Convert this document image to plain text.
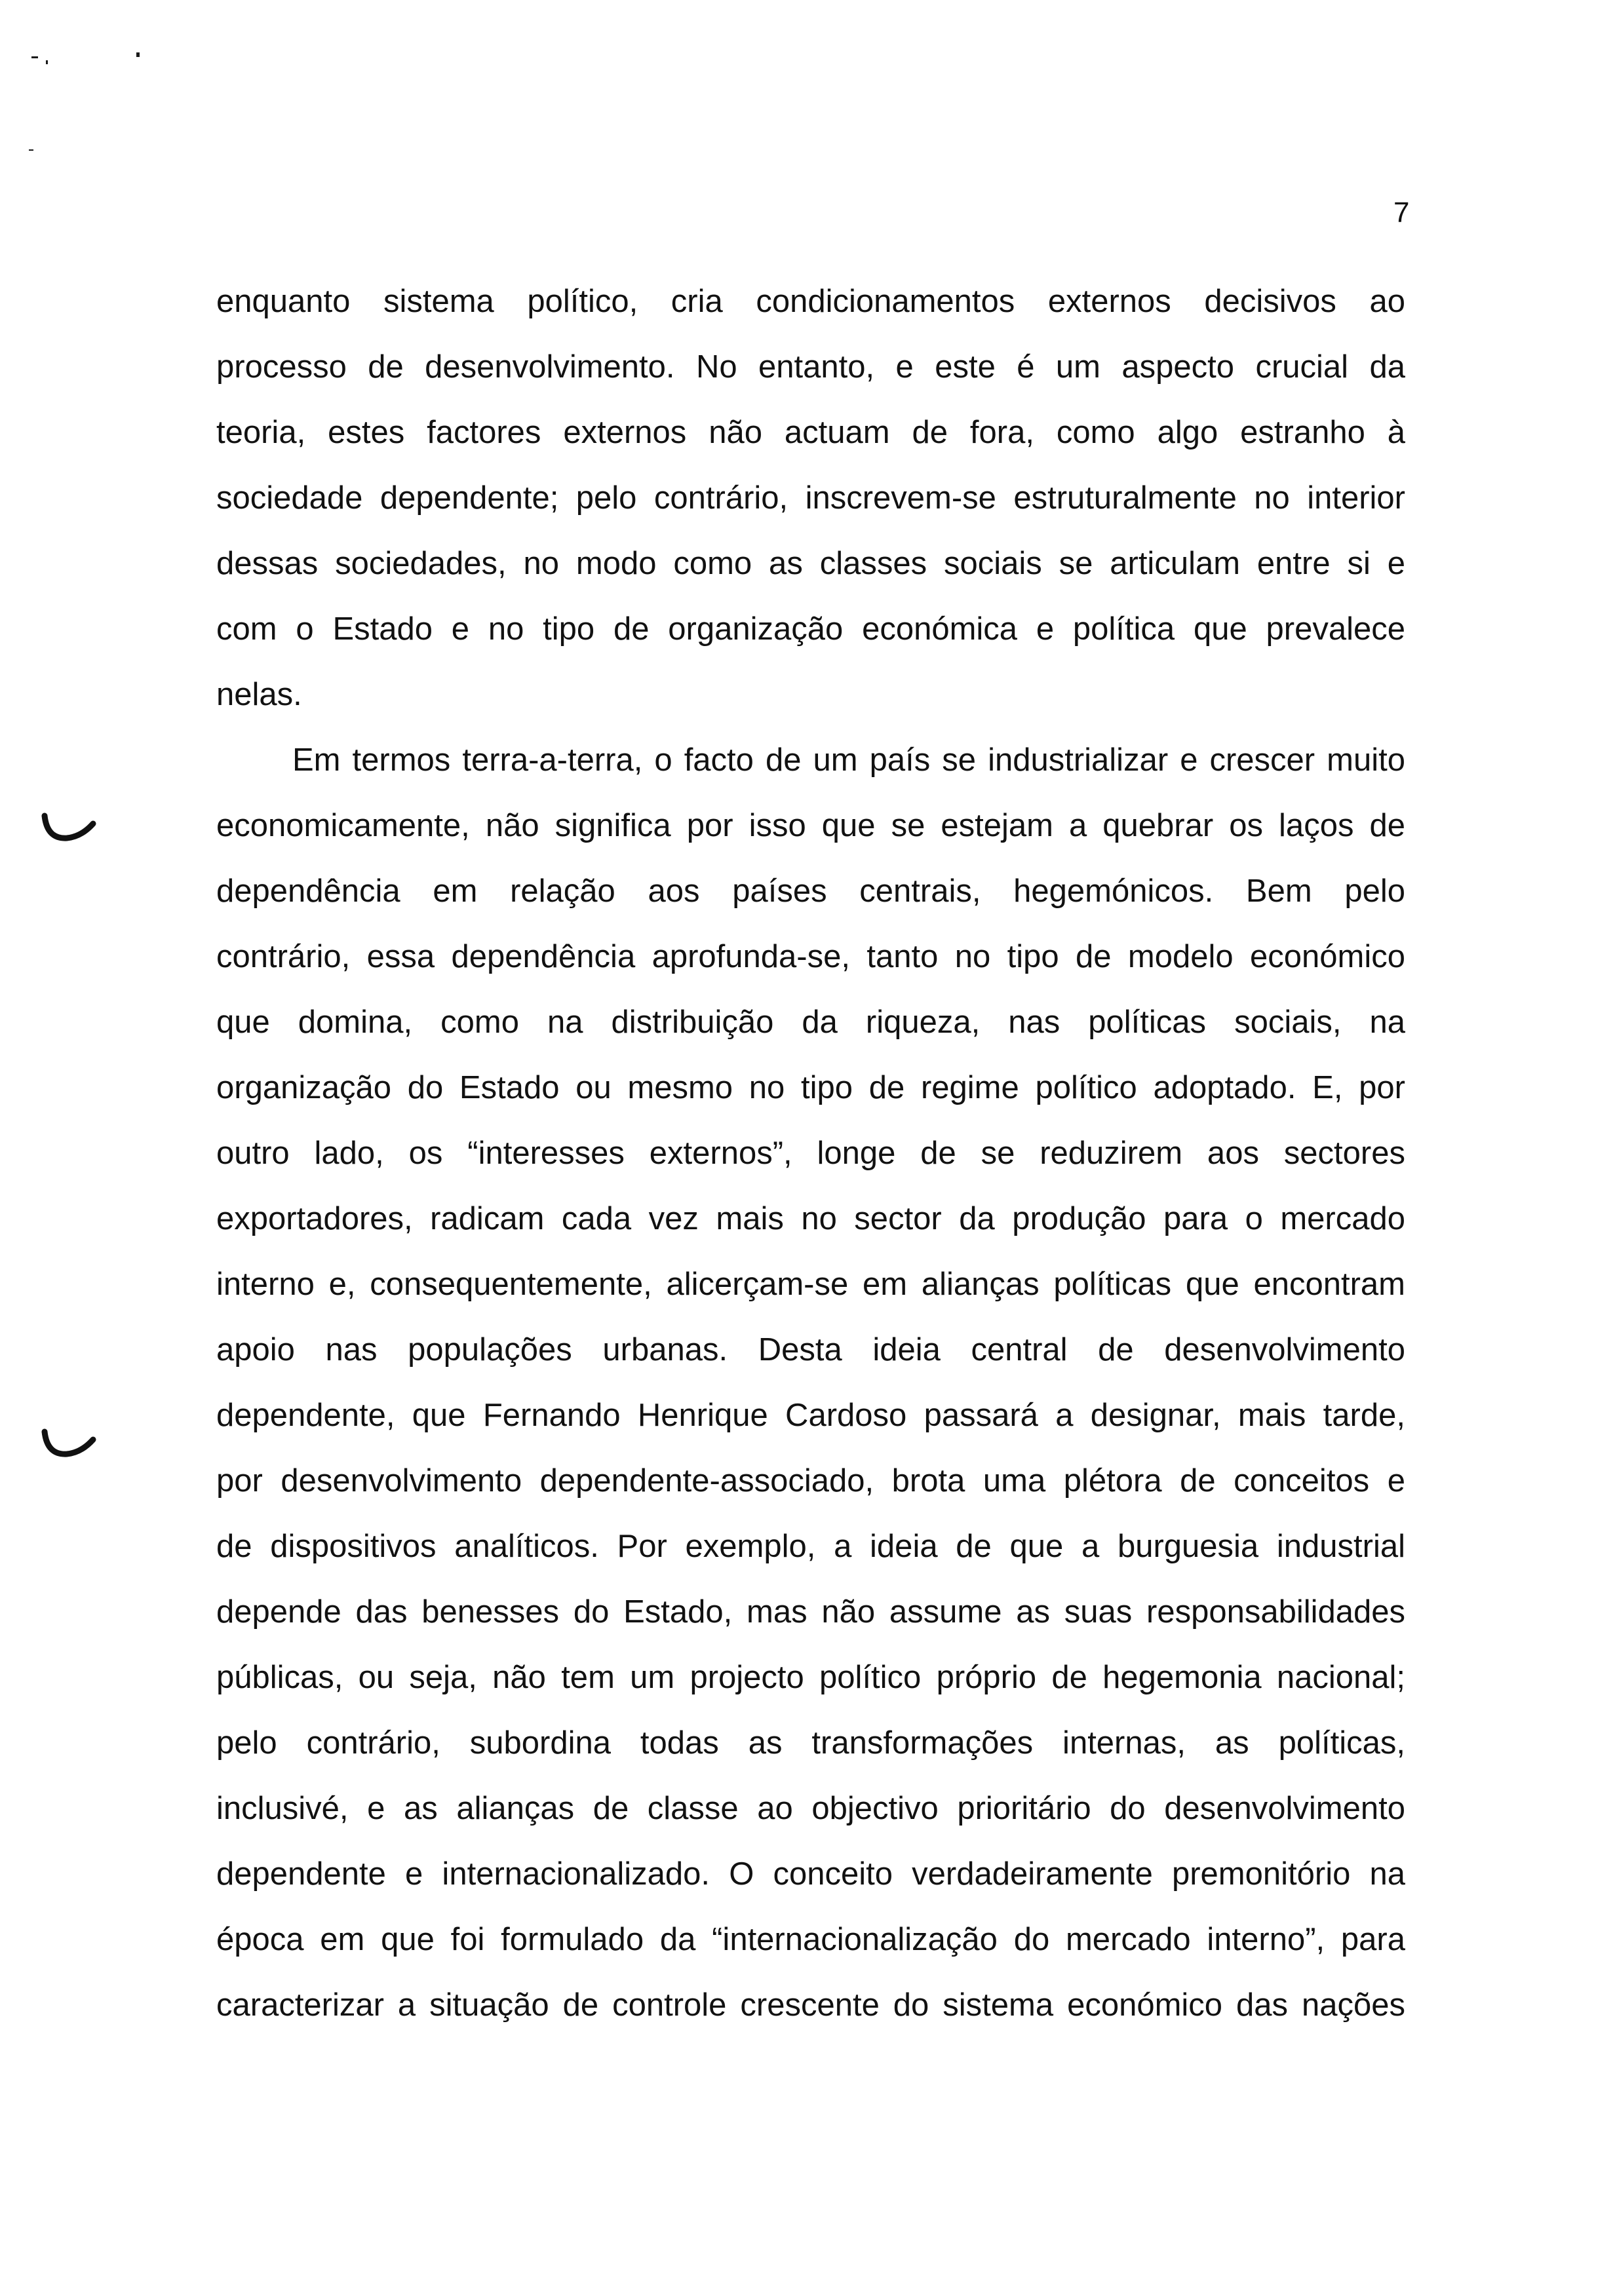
7
enquanto sistema político, cria condicionamentos externos decisivos ao
processo de desenvolvimento. No entanto, e este é um aspecto crucial da
teoria, estes factores externos não actuam de fora, como algo estranho à
sociedade dependente; pelo contrário, inscrevem-se estruturalmente no interior
dessas sociedades, no modo como as classes sociais se articulam entre si e
com o Estado e no tipo de organização económica e política que prevalece
nelas.
Em termos terra-a-terra, o facto de um país se industrializar e crescer muito
economicamente, não significa por isso que se estejam a quebrar os laços de
dependência em relação aos países centrais, hegemónicos. Bem pelo
contrário, essa dependência aprofunda-se, tanto no tipo de modelo económico
que domina, como na distribuição da riqueza, nas políticas sociais, na
organização do Estado ou mesmo no tipo de regime político adoptado. E, por
outro lado, os “interesses externos”, longe de se reduzirem aos sectores
exportadores, radicam cada vez mais no sector da produção para o mercado
interno e, consequentemente, alicerçam-se em alianças políticas que encontram
apoio nas populações urbanas. Desta ideia central de desenvolvimento
dependente, que Fernando Henrique Cardoso passará a designar, mais tarde,
por desenvolvimento dependente-associado, brota uma plétora de conceitos e
de dispositivos analíticos. Por exemplo, a ideia de que a burguesia industrial
depende das benesses do Estado, mas não assume as suas responsabilidades
públicas, ou seja, não tem um projecto político próprio de hegemonia nacional;
pelo contrário, subordina todas as transformações internas, as políticas,
inclusivé, e as alianças de classe ao objectivo prioritário do desenvolvimento
dependente e internacionalizado. O conceito verdadeiramente premonitório na
época em que foi formulado da “internacionalização do mercado interno”, para
caracterizar a situação de controle crescente do sistema económico das nações
